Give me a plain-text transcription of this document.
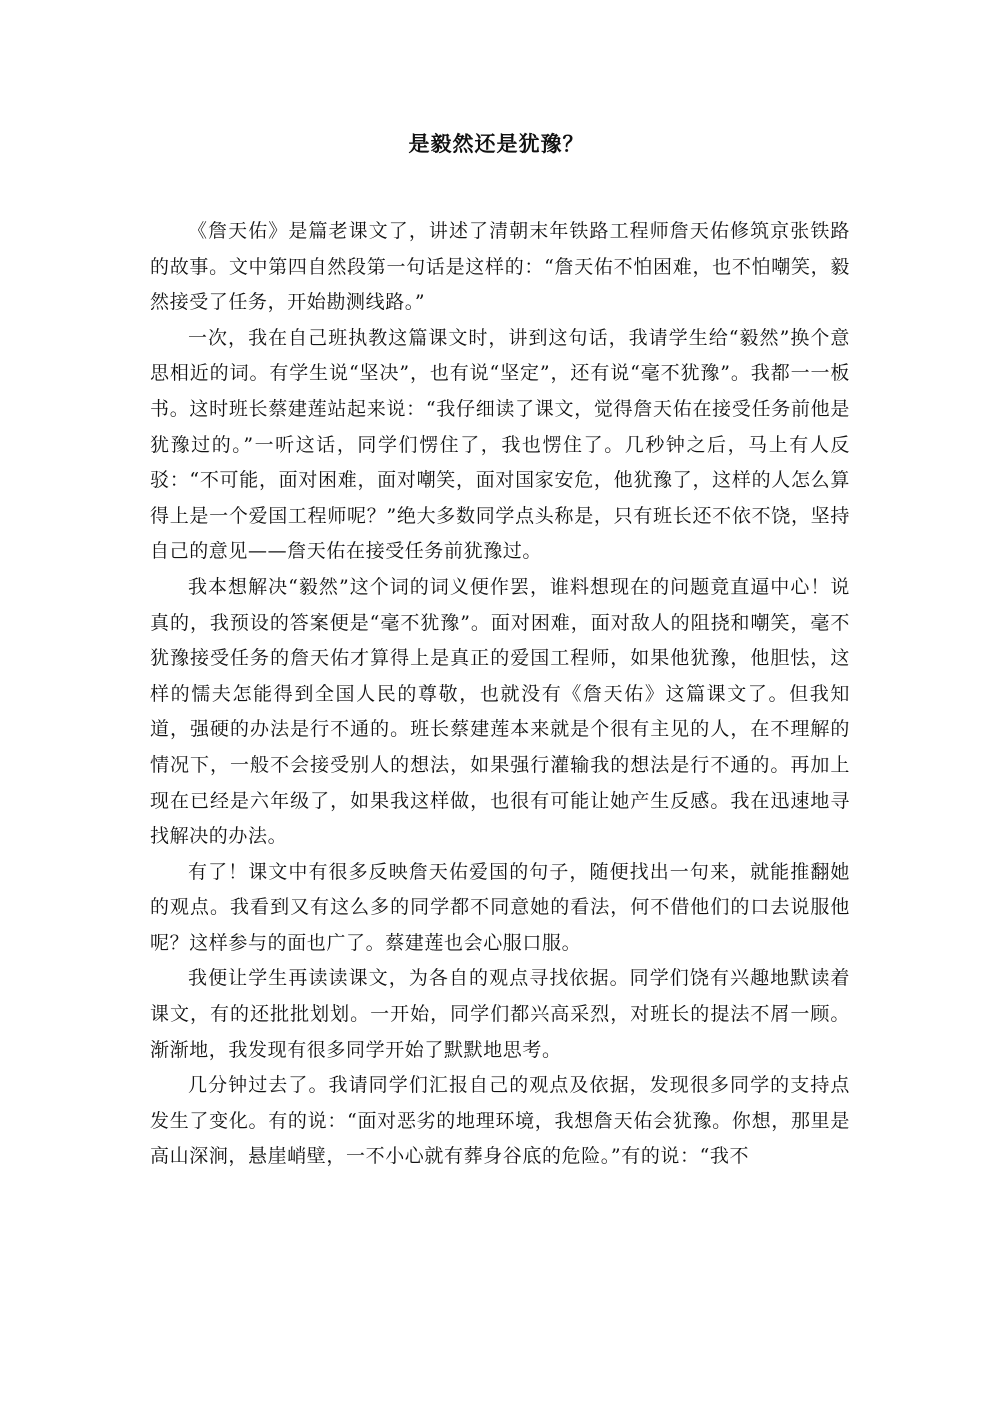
是毅然还是犹豫？

《詹天佑》是篇老课文了，讲述了清朝末年铁路工程师詹天佑修筑京张铁路的故事。文中第四自然段第一句话是这样的：“詹天佑不怕困难，也不怕嘲笑，毅然接受了任务，开始勘测线路。”

一次，我在自己班执教这篇课文时，讲到这句话，我请学生给“毅然”换个意思相近的词。有学生说“坚决”，也有说“坚定”，还有说“毫不犹豫”。我都一一板书。这时班长蔡建莲站起来说：“我仔细读了课文，觉得詹天佑在接受任务前他是犹豫过的。”一听这话，同学们愣住了，我也愣住了。几秒钟之后，马上有人反驳：“不可能，面对困难，面对嘲笑，面对国家安危，他犹豫了，这样的人怎么算得上是一个爱国工程师呢？”绝大多数同学点头称是，只有班长还不依不饶，坚持自己的意见——詹天佑在接受任务前犹豫过。

我本想解决“毅然”这个词的词义便作罢，谁料想现在的问题竟直逼中心！说真的，我预设的答案便是“毫不犹豫”。面对困难，面对敌人的阻挠和嘲笑，毫不犹豫接受任务的詹天佑才算得上是真正的爱国工程师，如果他犹豫，他胆怯，这样的懦夫怎能得到全国人民的尊敬，也就没有《詹天佑》这篇课文了。但我知道，强硬的办法是行不通的。班长蔡建莲本来就是个很有主见的人，在不理解的情况下，一般不会接受别人的想法，如果强行灌输我的想法是行不通的。再加上现在已经是六年级了，如果我这样做，也很有可能让她产生反感。我在迅速地寻找解决的办法。

有了！课文中有很多反映詹天佑爱国的句子，随便找出一句来，就能推翻她的观点。我看到又有这么多的同学都不同意她的看法，何不借他们的口去说服他呢？这样参与的面也广了。蔡建莲也会心服口服。

我便让学生再读读课文，为各自的观点寻找依据。同学们饶有兴趣地默读着课文，有的还批批划划。一开始，同学们都兴高采烈，对班长的提法不屑一顾。渐渐地，我发现有很多同学开始了默默地思考。

几分钟过去了。我请同学们汇报自己的观点及依据，发现很多同学的支持点发生了变化。有的说：“面对恶劣的地理环境，我想詹天佑会犹豫。你想，那里是高山深涧，悬崖峭壁，一不小心就有葬身谷底的危险。”有的说：“我不
